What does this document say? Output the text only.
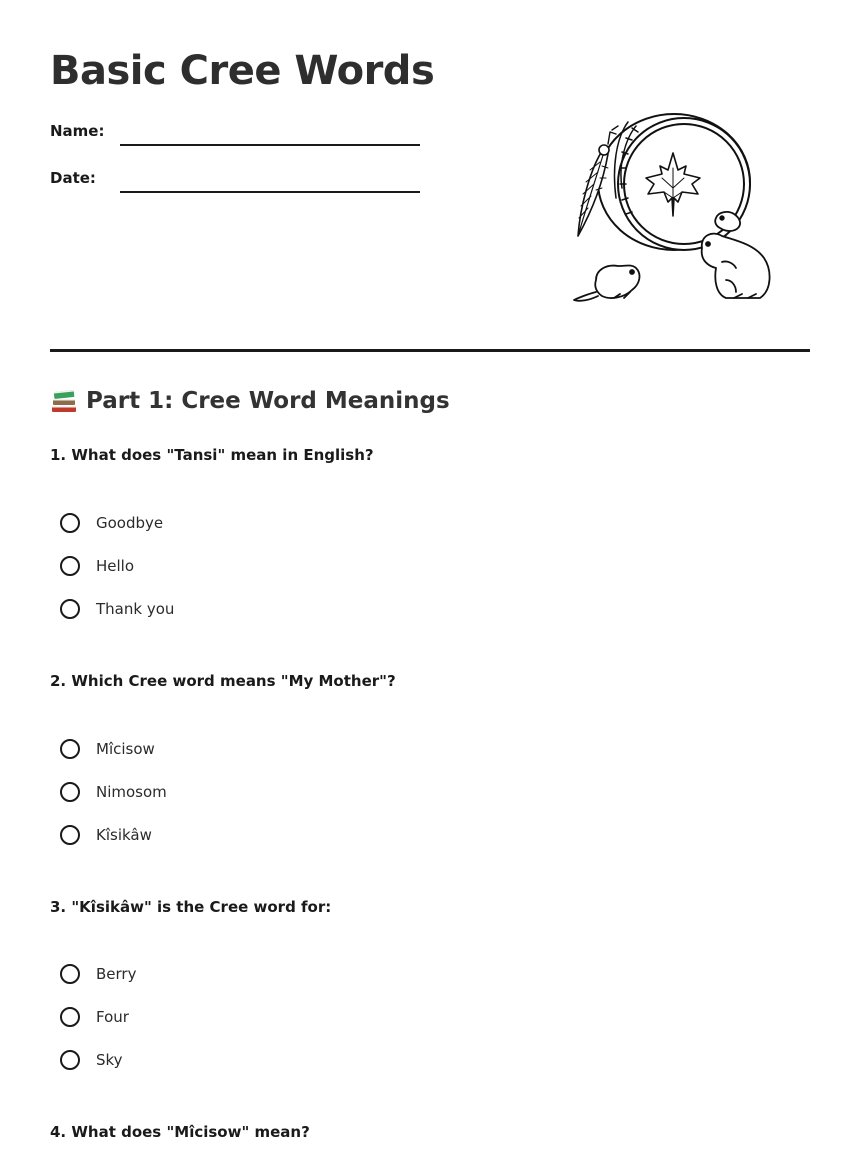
Basic Cree Words
Name:
Date:
Part 1: Cree Word Meanings

1. What does "Tansi" mean in English?

Goodbye
Hello
Thank you

2. Which Cree word means "My Mother"?

Mîcisow
Nimosom
Kîsikâw

3. "Kîsikâw" is the Cree word for:

Berry
Four
Sky

4. What does "Mîcisow" mean?
